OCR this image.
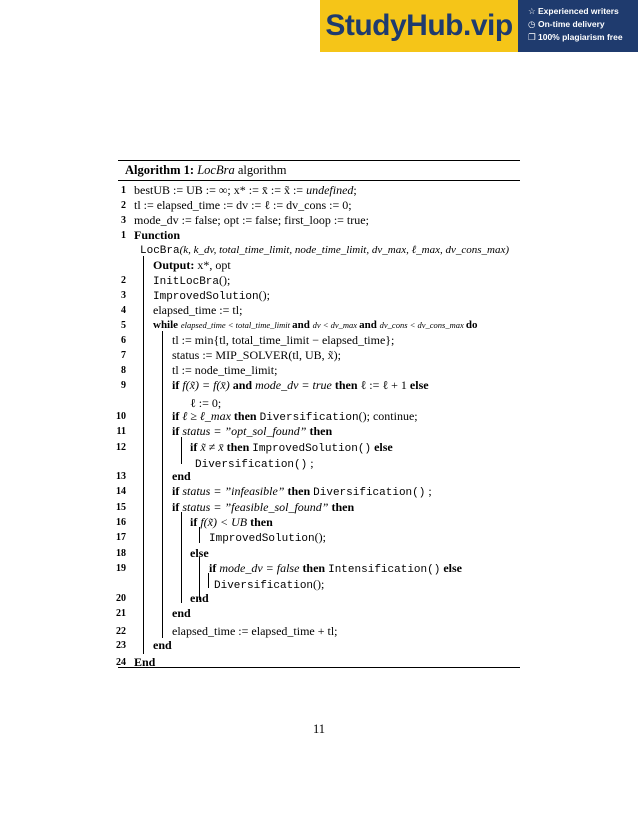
StudyHub.vip	☆ Experienced writers
◷ On-time delivery
❐ 100% plagiarism free
Algorithm 1: LocBra algorithm
1 bestUB := UB := ∞; x* := x̄ := x̃ := undefined;
2 tl := elapsed_time := dv := ℓ := dv_cons := 0;
3 mode_dv := false; opt := false; first_loop := true;
1 Function
LocBra(k, k_dv, total_time_limit, node_time_limit, dv_max, ℓ_max, dv_cons_max)
Output: x*, opt
2 InitLocBra();
3 ImprovedSolution();
4 elapsed_time := tl;
5 while elapsed_time < total_time_limit and dv < dv_max and dv_cons < dv_cons_max do
6	tl := min{tl, total_time_limit − elapsed_time};
7	status := MIP_SOLVER(tl, UB, x̃);
8	tl := node_time_limit;
9	if f(x̃) = f(x̄) and mode_dv = true then ℓ := ℓ + 1 else
ℓ := 0;
10	if ℓ ≥ ℓ_max then Diversification(); continue;
11	if status = ”opt_sol_found” then
12	if x̃ ≠ x̄ then ImprovedSolution() else
Diversification() ;
13	end
14	if status = ”infeasible” then Diversification() ;
15	if status = ”feasible_sol_found” then
16	if f(x̃) < UB then
17	ImprovedSolution();
18	else
19	if mode_dv = false then Intensification() else
Diversification();
20	end
21	end
22	elapsed_time := elapsed_time + tl;
23 end
24 End
11
